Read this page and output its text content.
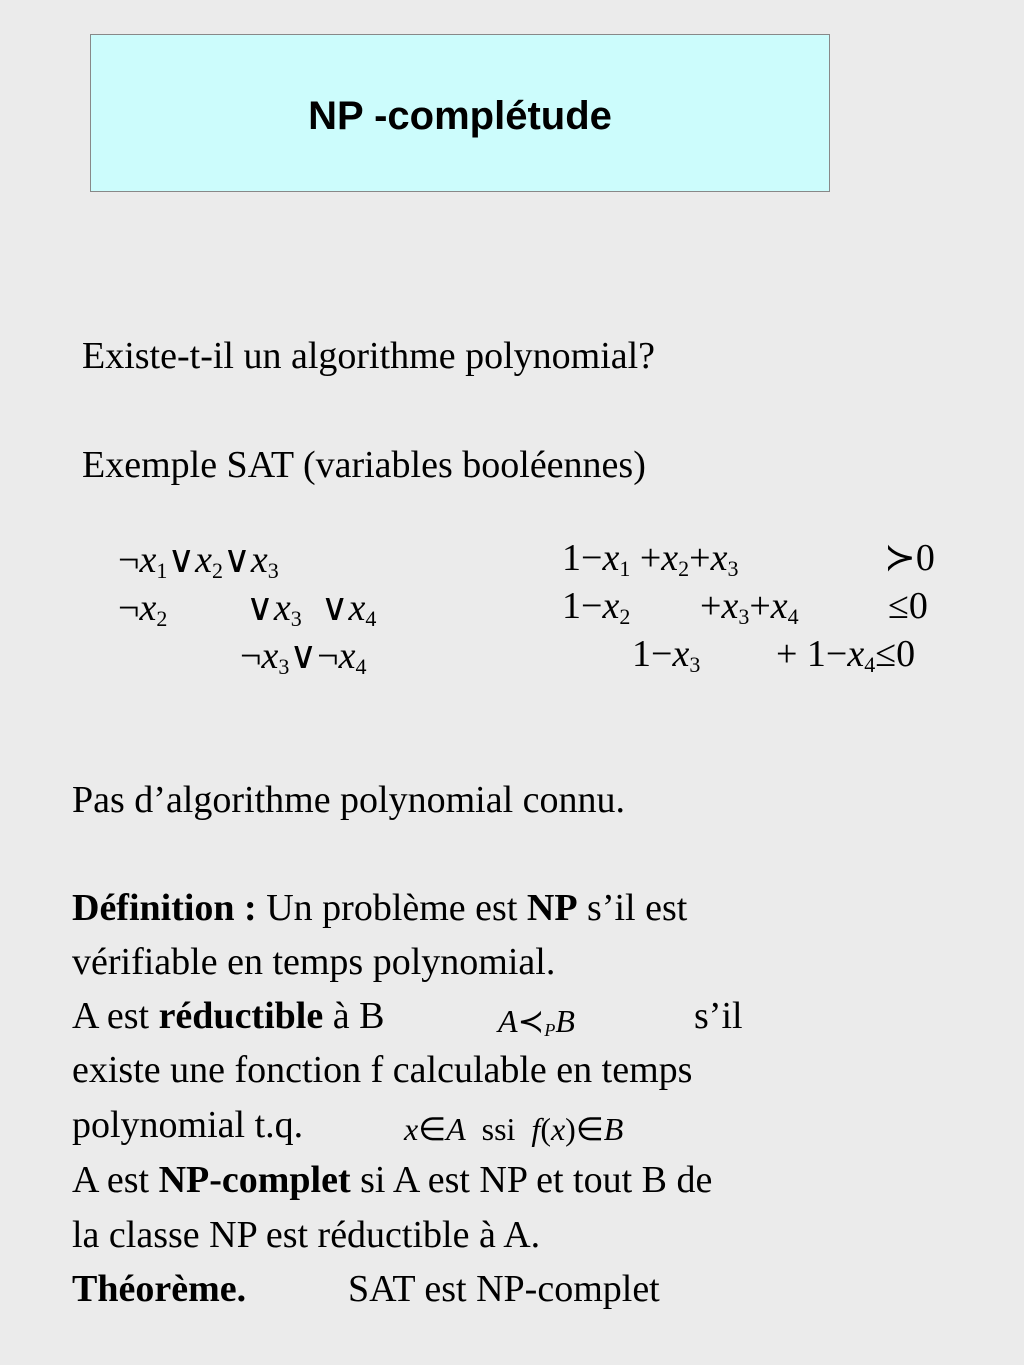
NP -complétude
Existe-t-il un algorithme polynomial?
Exemple SAT (variables booléennes)
$\neg x_1\vee x_2\vee x_3$
$\neg x_2$ $\vee x_3$ $\vee x_4$
$\neg x_3\vee\neg x_4$
$1-x_1 +x_2+x_3$	≻0
$1-x_2 +x_3+x_4 \le 0$
$1-x_3 + 1-x_4\le 0$
Pas d’algorithme polynomial connu.
Définition : Un problème est NP s’il est
vérifiable en temps polynomial.
A est réductible à B	$A≺_PB$	s’il
existe une fonction f calculable en temps
polynomial t.q.	x∈A ssi f(x)∈B
A est NP-complet si A est NP et tout B de
la classe NP est réductible à A.
Théorème.	SAT est NP-complet
